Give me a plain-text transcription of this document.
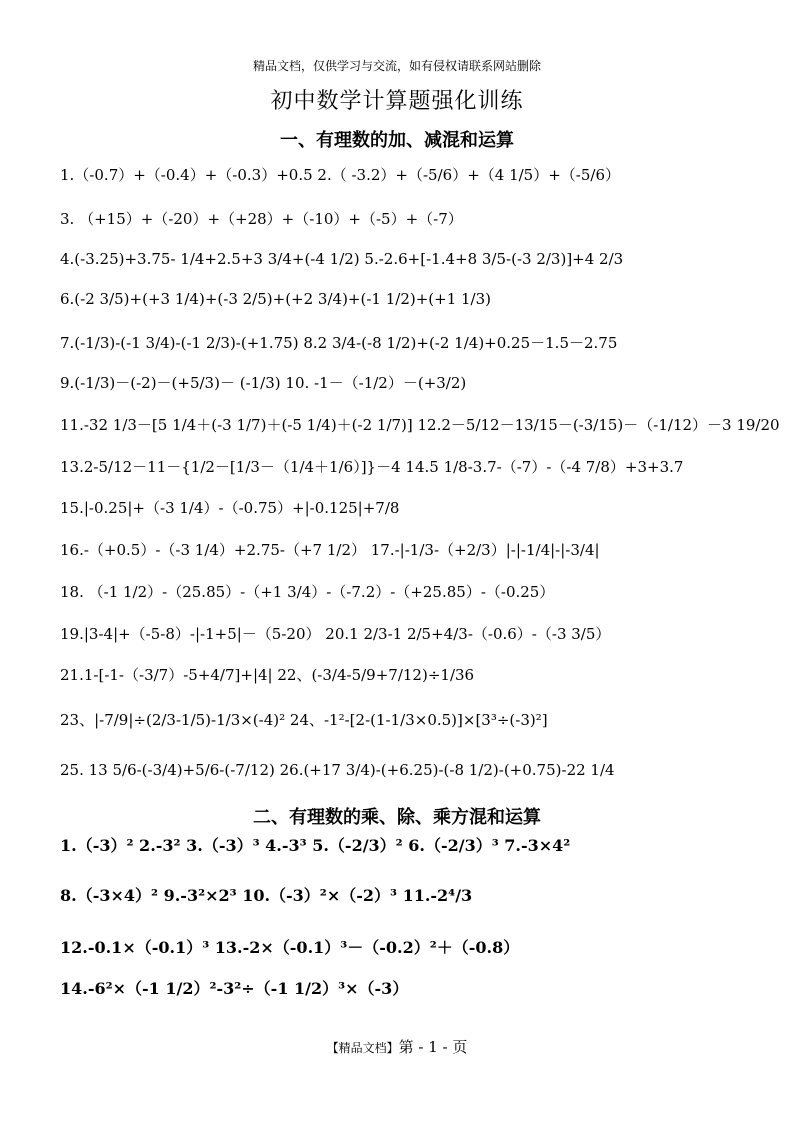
精品文档，仅供学习与交流，如有侵权请联系网站删除
初中数学计算题强化训练
一、有理数的加、减混和运算
1.（-0.7）+（-0.4）+（-0.3）+0.5 2.（ -3.2）+（-5/6）+（4 1/5）+（-5/6）
3. （+15）+（-20）+（+28）+（-10）+（-5）+（-7）
4.(-3.25)+3.75- 1/4+2.5+3 3/4+(-4 1/2) 5.-2.6+[-1.4+8 3/5-(-3 2/3)]+4 2/3
6.(-2 3/5)+(+3 1/4)+(-3 2/5)+(+2 3/4)+(-1 1/2)+(+1 1/3)
7.(-1/3)-(-1 3/4)-(-1 2/3)-(+1.75) 8.2 3/4-(-8 1/2)+(-2 1/4)+0.25－1.5－2.75
9.(-1/3)－(-2)－(+5/3)－ (-1/3) 10. -1－（-1/2）－(+3/2)
11.-32 1/3－[5 1/4＋(-3 1/7)＋(-5 1/4)＋(-2 1/7)] 12.2－5/12－13/15－(-3/15)－（-1/12）－3 19/20
13.2-5/12－11－{1/2－[1/3－（1/4＋1/6）]}－4 14.5 1/8-3.7-（-7）-（-4 7/8）+3+3.7
15.|-0.25|+（-3 1/4）-（-0.75）+|-0.125|+7/8
16.-（+0.5）-（-3 1/4）+2.75-（+7 1/2） 17.-|-1/3-（+2/3）|-|-1/4|-|-3/4|
18. （-1 1/2）-（25.85）-（+1 3/4）-（-7.2）-（+25.85）-（-0.25）
19.|3-4|+（-5-8）-|-1+5|－（5-20） 20.1 2/3-1 2/5+4/3-（-0.6）-（-3 3/5）
21.1-[-1-（-3/7）-5+4/7]+|4| 22、(-3/4-5/9+7/12)÷1/36
23、|-7/9|÷(2/3-1/5)-1/3×(-4)² 24、-1²-[2-(1-1/3×0.5)]×[3³÷(-3)²]
25. 13 5/6-(-3/4)+5/6-(-7/12) 26.(+17 3/4)-(+6.25)-(-8 1/2)-(+0.75)-22 1/4
二、有理数的乘、除、乘方混和运算
1.（-3）² 2.-3² 3.（-3）³ 4.-3³ 5.（-2/3）² 6.（-2/3）³ 7.-3×4²
8.（-3×4）² 9.-3²×2³ 10.（-3）²×（-2）³ 11.-2⁴/3
12.-0.1×（-0.1）³ 13.-2×（-0.1）³－（-0.2）²＋（-0.8）
14.-6²×（-1 1/2）²-3²÷（-1 1/2）³×（-3）
【精品文档】第 - 1 - 页
